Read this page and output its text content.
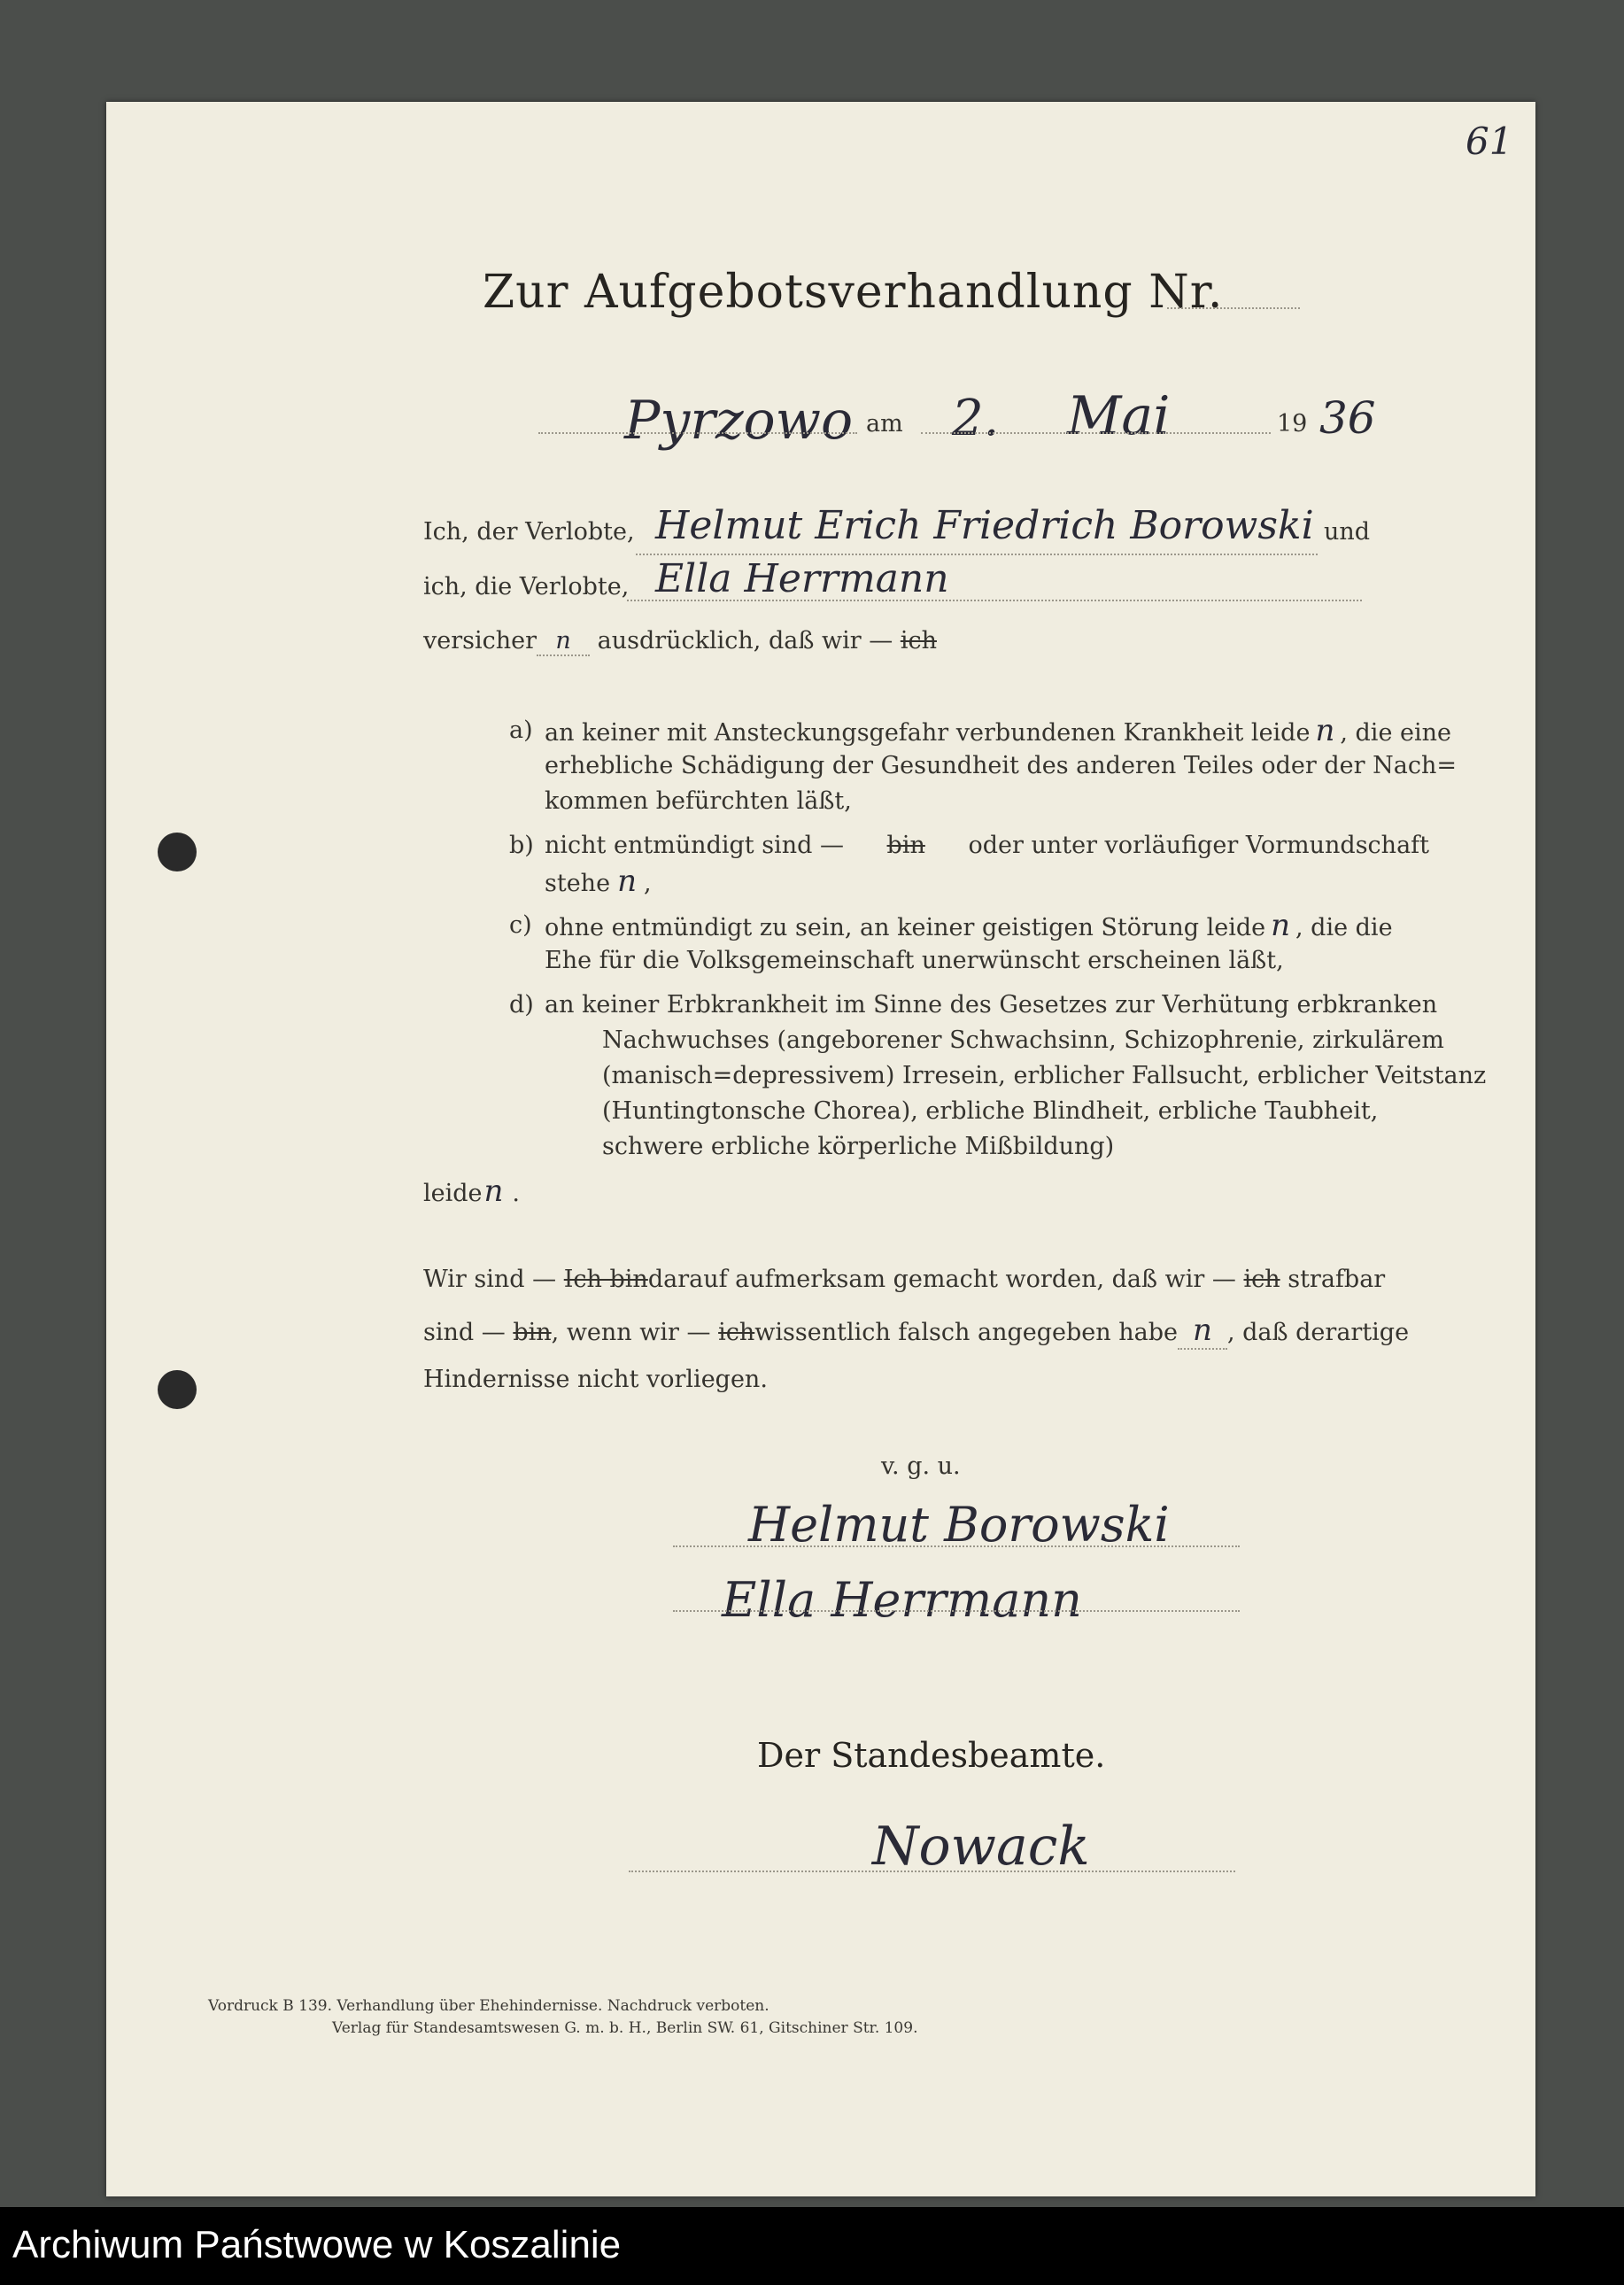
61
Zur Aufgebotsverhandlung Nr.
Pyrzowo am 2. Mai	19 36
Ich, der Verlobte, Helmut Erich Friedrich Borowski und
ich, die Verlobte, Ella Herrmann
versicher n ausdrücklich, daß wir — ich
a) an keiner mit Ansteckungsgefahr verbundenen Krankheit leide n , die eine
erhebliche Schädigung der Gesundheit des anderen Teiles oder der Nach=
kommen befürchten läßt,
b) nicht entmündigt sind — bin oder unter vorläufiger Vormundschaft
stehe n ,
c) ohne entmündigt zu sein, an keiner geistigen Störung leide n , die die
Ehe für die Volksgemeinschaft unerwünscht erscheinen läßt,
d) an keiner Erbkrankheit im Sinne des Gesetzes zur Verhütung erbkranken
Nachwuchses (angeborener Schwachsinn, Schizophrenie, zirkulärem
(manisch=depressivem) Irresein, erblicher Fallsucht, erblicher Veitstanz
(Huntingtonsche Chorea), erbliche Blindheit, erbliche Taubheit,
schwere erbliche körperliche Mißbildung)
leiden .
Wir sind — Ich bindarauf aufmerksam gemacht worden, daß wir — ich strafbar
sind — bin, wenn wir — ichwissentlich falsch angegeben habe n , daß derartige
Hindernisse nicht vorliegen.
v. g. u.
Helmut Borowski
Ella Herrmann
Der Standesbeamte.
Nowack
Vordruck B 139. Verhandlung über Ehehindernisse. Nachdruck verboten.
Verlag für Standesamtswesen G. m. b. H., Berlin SW. 61, Gitschiner Str. 109.
Archiwum Państwowe w Koszalinie
